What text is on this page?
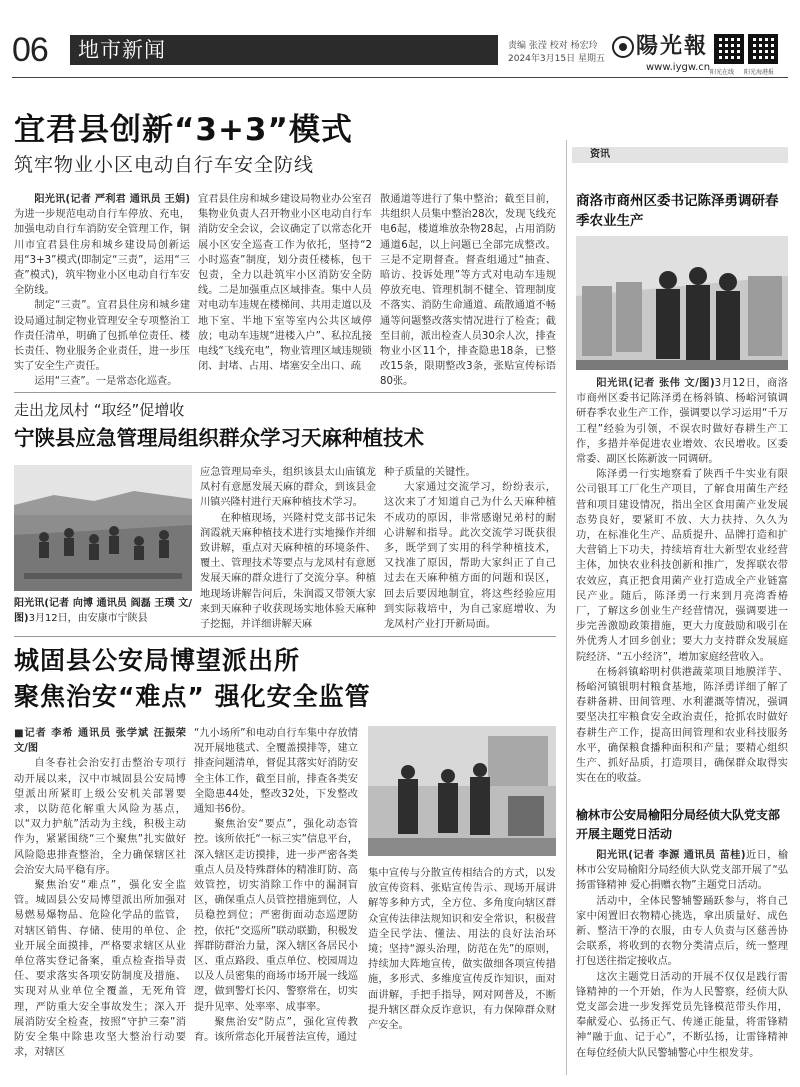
06 地市新闻	责编 张滢 校对 杨宏玲
2024年3月15日 星期五 陽光報
www.iygw.cn 阳光在线 阳光海港报
宜君县创新“3+3”模式
筑牢物业小区电动自行车安全防线

阳光讯(记者 严利君 通讯员 王娟)为进一步规范电动自行车停放、充电，加强电动自行车消防安全管理工作，铜川市宜君县住房和城乡建设局创新运用“3+3”模式(即制定“三责”，运用“三查”模式)，筑牢物业小区电动自行车安全防线。

制定“三责”。宜君县住房和城乡建设局通过制定物业管理安全专项整治工作责任清单，明确了包抓单位责任、楼长责任、物业服务企业责任，进一步压实了安全生产责任。

运用“三查”。一是常态化巡查。

宜君县住房和城乡建设局物业办公室召集物业负责人召开物业小区电动自行车消防安全会议，会议确定了以常态化开展小区安全巡查工作为依托，坚持“2小时巡查”制度，划分责任楼栋，包干包责，全力以赴筑牢小区消防安全防线。二是加强重点区域排查。集中人员对电动车违规在楼梯间、共用走道以及地下室、半地下室等室内公共区域停放；电动车违规“进楼入户”、私拉乱接电线“飞线充电”，物业管理区域违规锁闭、封堵、占用、堵塞安全出口、疏

散通道等进行了集中整治；截至目前，共组织人员集中整治28次，发现飞线充电6起，楼道堆放杂物28起，占用消防通道6起，以上问题已全部完成整改。三是不定期督查。督查组通过“抽查、暗访、投诉处理”等方式对电动车违规停放充电、管理机制不健全、管理制度不落实、消防生命通道、疏散通道不畅通等问题整改落实情况进行了检查；截至目前，派出检查人员30余人次，排查物业小区11个，排查隐患18条，已整改15条，限期整改3条，张贴宣传标语80张。

走出龙凤村 “取经”促增收
宁陕县应急管理局组织群众学习天麻种植技术
阳光讯(记者 向博 通讯员 阎磊 王璞 文/图)3月12日，由安康市宁陕县

应急管理局牵头，组织该县太山庙镇龙凤村有意愿发展天麻的群众，到该县金川镇兴隆村进行天麻种植技术学习。

在种植现场，兴隆村党支部书记朱润霞就天麻种植技术进行实地操作并细致讲解，重点对天麻种植的环境条件、覆土、管理技术等要点与龙凤村有意愿发展天麻的群众进行了交流分享。种植地现场讲解告问后，朱润霞又带领大家来到天麻种子收获现场实地体验天麻种子挖掘，并详细讲解天麻

种子质量的关键性。

大家通过交流学习，纷纷表示，这次来了才知道自己为什么天麻种植不成功的原因，非常感谢兄弟村的耐心讲解和指导。此次交流学习既获很多，既学到了实用的科学种植技术，又找准了原因，帮助大家纠正了自己过去在天麻种植方面的问题和误区，回去后要因地制宜，将这些经验应用到实际栽培中，为自己家庭增收、为龙凤村产业打开新局面。

城固县公安局博望派出所
聚焦治安“难点” 强化安全监管

■记者 李希 通讯员 张学斌 汪振荣 文/图

自冬春社会治安打击整治专项行动开展以来，汉中市城固县公安局博望派出所紧盯上级公安机关部署要求，以防范化解重大风险为基点，以“双力护航”活动为主线，积极主动作为，紧紧围绕“三个聚焦”扎实做好风险隐患排查整治，全力确保辖区社会治安大局平稳有序。

聚焦治安“难点”，强化安全监管。城固县公安局博望派出所加强对易燃易爆物品、危险化学品的监管，对辖区销售、存储、使用的单位、企业开展全面摸排，严格要求辖区从业单位落实登记备案，重点检查指导责任、要求落实各项安防制度及措施、实现对从业单位全覆盖，无死角管理，严防重大安全事故发生；深入开展消防安全检查，按照“守护三秦”消防安全集中除患攻坚大整治行动要求，对辖区

“九小场所”和电动自行车集中存放情况开展地毯式、全覆盖摸排等，建立排查问题清单，督促其落实好消防安全主体工作，截至目前，排查各类安全隐患44处，整改32处，下发整改通知书6份。

聚焦治安“要点”，强化动态管控。该所依托“一标三实”信息平台，深入辖区走访摸排，进一步严密各类重点人员及特殊群体的精准盯防、高效管控，切实消除工作中的漏洞盲区，确保重点人员管控措施到位，人员稳控到位；严密街面动态巡逻防控，依托“交巡所”联动联勤，积极发挥群防群治力量，深入辖区各居民小区、重点路段、重点单位、校园周边以及人员密集的商场市场开展一线巡逻，做到警灯长闪、警察常在，切实提升见率、处率率、成事率。

聚焦治安“防点”，强化宣传教育。该所常态化开展普法宣传，通过

集中宣传与分散宣传相结合的方式，以发放宣传资料、张贴宣传告示、现场开展讲解等多种方式，全方位、多角度向辖区群众宣传法律法规知识和安全常识，积极营造全民学法、懂法、用法的良好法治环境；坚持“源头治理，防范在先”的原则，持续加大阵地宣传，做实做细各项宣传措施，多形式、多维度宣传反诈知识，面对面讲解，手把手指导，网对网普及，不断提升辖区群众反诈意识，有力保障群众财产安全。

资讯
商洛市商州区委书记陈泽勇调研春季农业生产

阳光讯(记者 张伟 文/图)3月12日，商洛市商州区委书记陈泽勇在杨斜镇、杨峪河镇调研春季农业生产工作，强调要以学习运用“千万工程”经验为引领，不误农时做好春耕生产工作，多措并举促进农业增效、农民增收。区委常委、副区长陈新波一同调研。

陈泽勇一行实地察看了陕西千牛实业有限公司银耳工厂化生产项目，了解食用菌生产经营和项目建设情况，指出全区食用菌产业发展态势良好，要紧盯不放、大力扶持、久久为功，在标准化生产、品质提升、品牌打造和扩大营销上下功夫，持续培育壮大新型农业经营主体，加快农业科技创新和推广，发挥联农带农效应，真正把食用菌产业打造成全产业链富民产业。随后，陈泽勇一行来到月亮湾香椿厂，了解这乡创业生产经营情况，强调要进一步完善激励政策措施，更大力度鼓励和吸引在外优秀人才回乡创业；要大力支持群众发展庭院经济、“五小经济”，增加家庭经营收入。

在杨斜镇峪明村供港蔬菜项目地膜洋芋、杨峪河镇银明村粮食基地，陈泽勇详细了解了春耕备耕、田间管理、水利灌溉等情况，强调要坚决扛牢粮食安全政治责任，抢抓农时做好春耕生产工作，提高田间管理和农业科技服务水平，确保粮食播种面积和产量；要精心组织生产、抓好品质，打造项目，确保群众取得实实在在的收益。

榆林市公安局榆阳分局经侦大队党支部开展主题党日活动

阳光讯(记者 李源 通讯员 苗桂)近日，榆林市公安局榆阳分局经侦大队党支部开展了“弘扬雷锋精神 爱心捐赠衣物”主题党日活动。

活动中，全体民警辅警踊跃参与，将自己家中闲置旧衣物精心挑选，拿出质量好、成色新、整洁干净的衣服，由专人负责与区慈善协会联系，将收到的衣物分类清点后，统一整理打包送往指定接收点。

这次主题党日活动的开展不仅仅是践行雷锋精神的一个开始，作为人民警察，经侦大队党支部会进一步发挥党员先锋模范带头作用，奉献爱心、弘扬正气、传递正能量，将雷锋精神“融于血、记于心”，不断弘扬，让雷锋精神在每位经侦大队民警辅警心中生根发芽。
